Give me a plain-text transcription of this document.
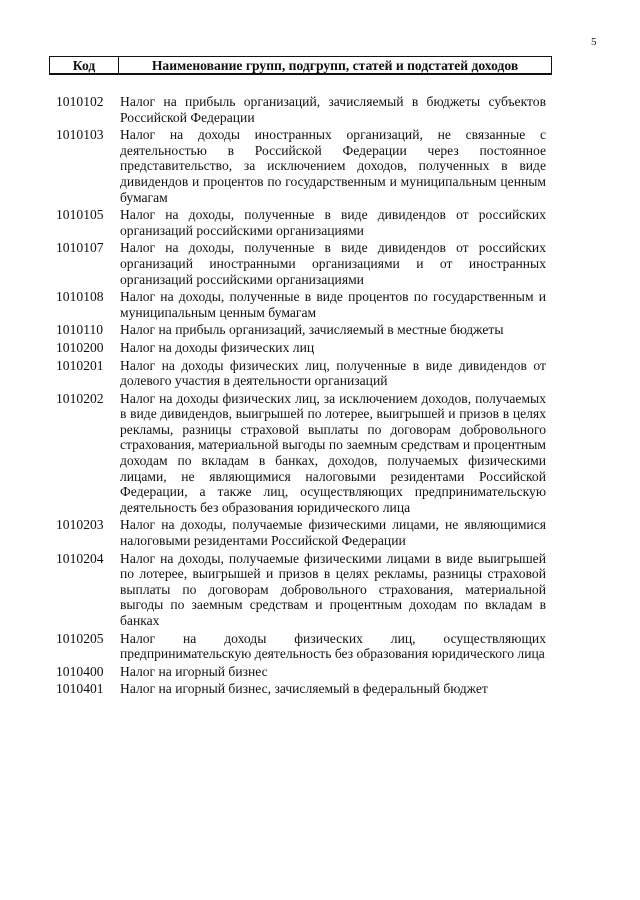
5
Код	Наименование групп, подгрупп, статей и подстатей доходов
1010102	Налог на прибыль организаций, зачисляемый в бюджеты субъектов Российской Федерации
1010103	Налог на доходы иностранных организаций, не связанные с деятельностью в Российской Федерации через постоянное представительство, за исключением доходов, полученных в виде дивидендов и процентов по государственным и муниципальным ценным бумагам
1010105	Налог на доходы, полученные в виде дивидендов от российских организаций российскими организациями
1010107	Налог на доходы, полученные в виде дивидендов от российских организаций иностранными организациями и от иностранных организаций российскими организациями
1010108	Налог на доходы, полученные в виде процентов по государственным и муниципальным ценным бумагам
1010110	Налог на прибыль организаций, зачисляемый в местные бюджеты
1010200	Налог на доходы физических лиц
1010201	Налог на доходы физических лиц, полученные в виде дивидендов от долевого участия в деятельности организаций
1010202	Налог на доходы физических лиц, за исключением доходов, получаемых в виде дивидендов, выигрышей по лотерее, выигрышей и призов в целях рекламы, разницы страховой выплаты по договорам добровольного страхования, материальной выгоды по заемным средствам и процентным доходам по вкладам в банках, доходов, получаемых физическими лицами, не являющимися налоговыми резидентами Российской Федерации, а также лиц, осуществляющих предпринимательскую деятельность без образования юридического лица
1010203	Налог на доходы, получаемые физическими лицами, не являющимися налоговыми резидентами Российской Федерации
1010204	Налог на доходы, получаемые физическими лицами в виде выигрышей по лотерее, выигрышей и призов в целях рекламы, разницы страховой выплаты по договорам добровольного страхования, материальной выгоды по заемным средствам и процентным доходам по вкладам в банках
1010205	Налог на доходы физических лиц, осуществляющих предпринимательскую деятельность без образования юридического лица
1010400	Налог на игорный бизнес
1010401	Налог на игорный бизнес, зачисляемый в федеральный бюджет
